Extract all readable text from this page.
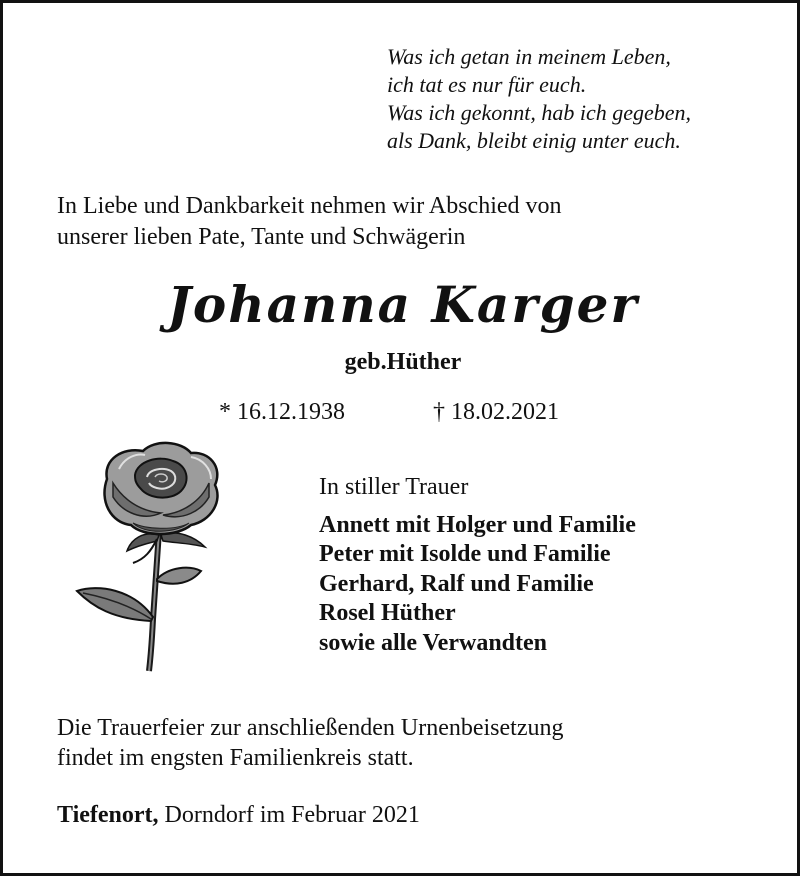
Was ich getan in meinem Leben,
ich tat es nur für euch.
Was ich gekonnt, hab ich gegeben,
als Dank, bleibt einig unter euch.
In Liebe und Dankbarkeit nehmen wir Abschied von
unserer lieben Pate, Tante und Schwägerin
Johanna Karger
geb.Hüther
* 16.12.1938	† 18.02.2021
In stiller Trauer
Annett mit Holger und Familie
Peter mit Isolde und Familie
Gerhard, Ralf und Familie
Rosel Hüther
sowie alle Verwandten
Die Trauerfeier zur anschließenden Urnenbeisetzung
findet im engsten Familienkreis statt.
Tiefenort, Dorndorf im Februar 2021
